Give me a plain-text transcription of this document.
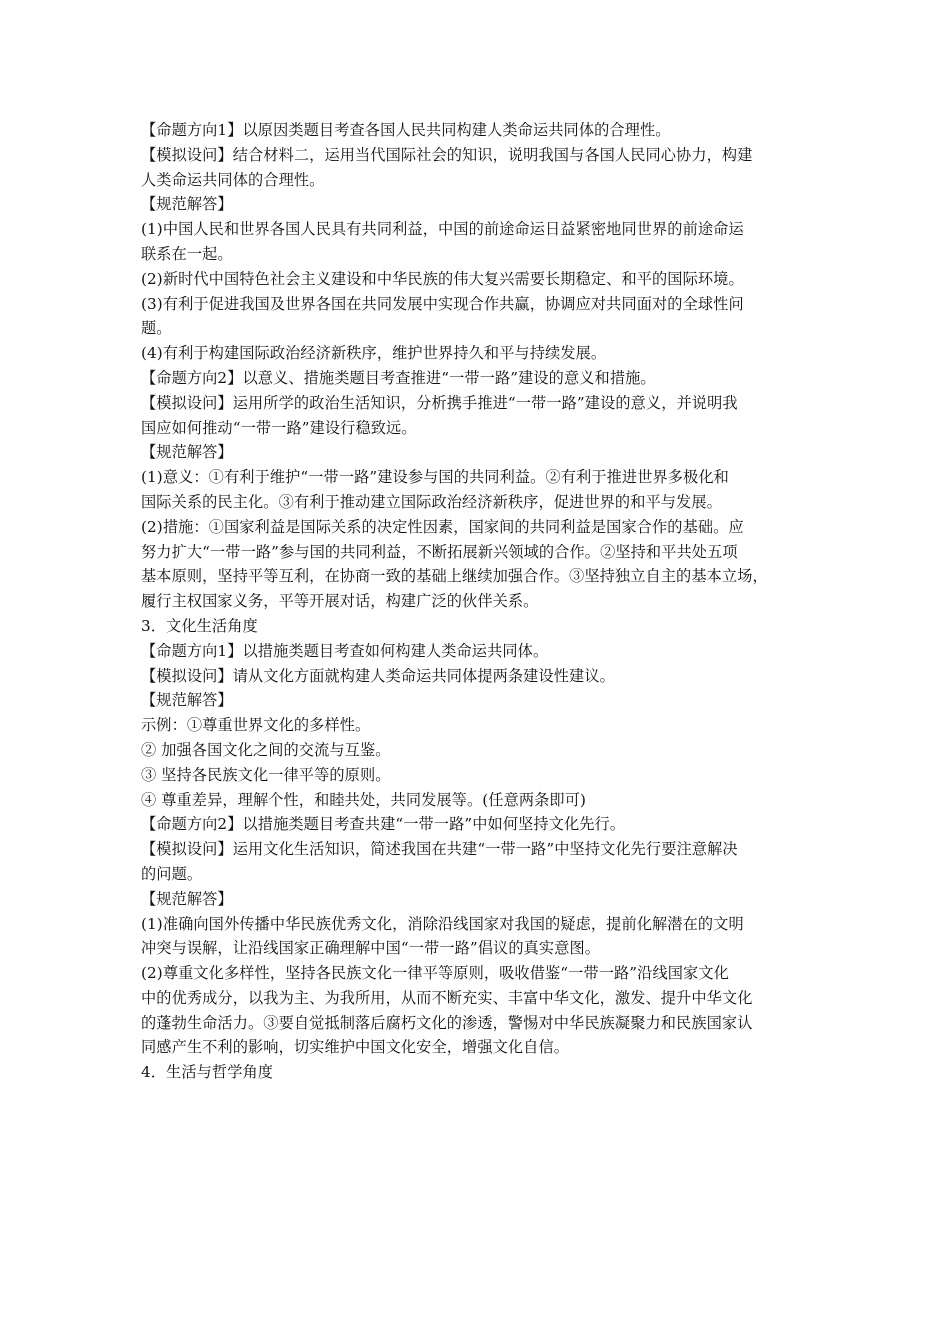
【命题方向1】以原因类题目考查各国人民共同构建人类命运共同体的合理性。
【模拟设问】结合材料二，运用当代国际社会的知识，说明我国与各国人民同心协力，构建
人类命运共同体的合理性。
【规范解答】
(1)中国人民和世界各国人民具有共同利益，中国的前途命运日益紧密地同世界的前途命运
联系在一起。
(2)新时代中国特色社会主义建设和中华民族的伟大复兴需要长期稳定、和平的国际环境。
(3)有利于促进我国及世界各国在共同发展中实现合作共赢，协调应对共同面对的全球性问
题。
(4)有利于构建国际政治经济新秩序，维护世界持久和平与持续发展。
【命题方向2】以意义、措施类题目考查推进“一带一路”建设的意义和措施。
【模拟设问】运用所学的政治生活知识，分析携手推进“一带一路”建设的意义，并说明我
国应如何推动“一带一路”建设行稳致远。
【规范解答】
(1)意义：①有利于维护“一带一路”建设参与国的共同利益。②有利于推进世界多极化和
国际关系的民主化。③有利于推动建立国际政治经济新秩序，促进世界的和平与发展。
(2)措施：①国家利益是国际关系的决定性因素，国家间的共同利益是国家合作的基础。应
努力扩大“一带一路”参与国的共同利益，不断拓展新兴领域的合作。②坚持和平共处五项
基本原则，坚持平等互利，在协商一致的基础上继续加强合作。③坚持独立自主的基本立场，
履行主权国家义务，平等开展对话，构建广泛的伙伴关系。
3．文化生活角度
【命题方向1】以措施类题目考查如何构建人类命运共同体。
【模拟设问】请从文化方面就构建人类命运共同体提两条建设性建议。
【规范解答】
示例：①尊重世界文化的多样性。
② 加强各国文化之间的交流与互鉴。
③ 坚持各民族文化一律平等的原则。
④ 尊重差异，理解个性，和睦共处，共同发展等。(任意两条即可)
【命题方向2】以措施类题目考查共建“一带一路”中如何坚持文化先行。
【模拟设问】运用文化生活知识，简述我国在共建“一带一路”中坚持文化先行要注意解决
的问题。
【规范解答】
(1)准确向国外传播中华民族优秀文化，消除沿线国家对我国的疑虑，提前化解潜在的文明
冲突与误解，让沿线国家正确理解中国“一带一路”倡议的真实意图。
(2)尊重文化多样性，坚持各民族文化一律平等原则，吸收借鉴“一带一路”沿线国家文化
中的优秀成分，以我为主、为我所用，从而不断充实、丰富中华文化，激发、提升中华文化
的蓬勃生命活力。③要自觉抵制落后腐朽文化的渗透，警惕对中华民族凝聚力和民族国家认
同感产生不利的影响，切实维护中国文化安全，增强文化自信。
4．生活与哲学角度
